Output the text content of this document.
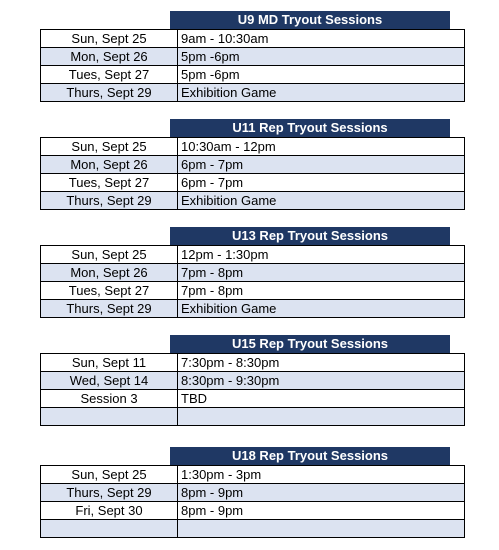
U9 MD Tryout Sessions
Sun, Sept 25	9am - 10:30am
Mon, Sept 26	5pm -6pm
Tues, Sept 27	5pm -6pm
Thurs, Sept 29	Exhibition Game
U11 Rep Tryout Sessions
Sun, Sept 25	10:30am - 12pm
Mon, Sept 26	6pm - 7pm
Tues, Sept 27	6pm - 7pm
Thurs, Sept 29	Exhibition Game
U13 Rep Tryout Sessions
Sun, Sept 25	12pm - 1:30pm
Mon, Sept 26	7pm - 8pm
Tues, Sept 27	7pm - 8pm
Thurs, Sept 29	Exhibition Game
U15 Rep Tryout Sessions
Sun, Sept 11	7:30pm - 8:30pm
Wed, Sept 14	8:30pm - 9:30pm
Session 3	TBD

U18 Rep Tryout Sessions
Sun, Sept 25	1:30pm - 3pm
Thurs, Sept 29	8pm - 9pm
Fri, Sept 30	8pm - 9pm
